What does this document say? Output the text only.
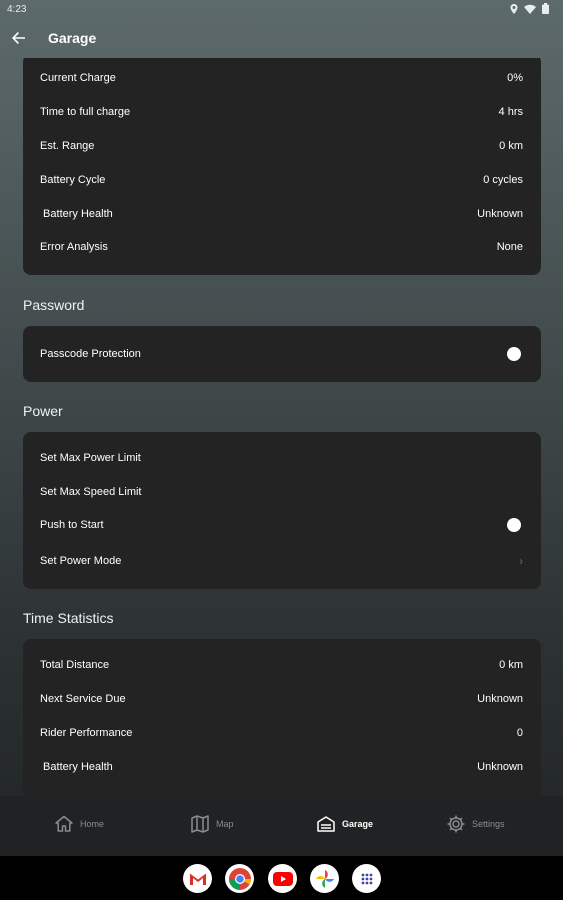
4:23
Garage
Current Charge	0%
Time to full charge	4 hrs
Est. Range	0 km
Battery Cycle	0 cycles
Battery Health	Unknown
Error Analysis	None
Password
Passcode Protection
Power
Set Max Power Limit
Set Max Speed Limit
Push to Start
Set Power Mode	›
Time Statistics
Total Distance	0 km
Next Service Due	Unknown
Rider Performance	0
Battery Health	Unknown
Home	Map	Garage	Settings
